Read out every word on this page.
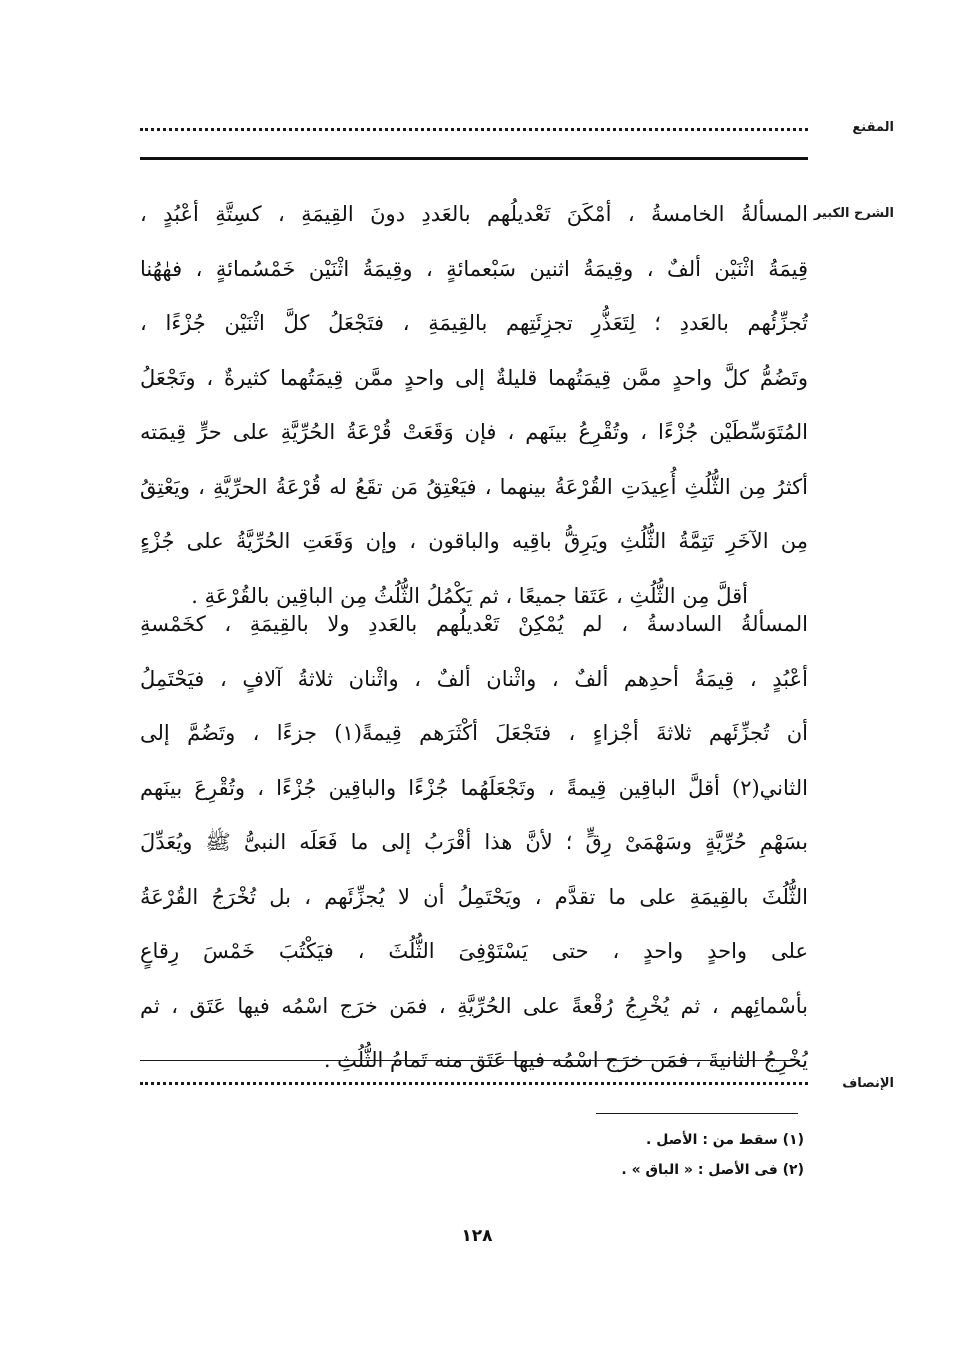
المقنع
الشرح الكبير
المسألةُ الخامسةُ ، أمْكَنَ تَعْديلُهم بالعَددِ دونَ القِيمَةِ ، كسِتَّةِ أعْبُدٍ ،
قِيمَةُ اثْنَيْن ألفٌ ، وقِيمَةُ اثنين سَبْعمائةٍ ، وقِيمَةُ اثْنَيْن خَمْسُمائةٍ ، فهٰهُنا
تُجزِّئُهم بالعَددِ ؛ لِتَعَذُّرِ تجزِئَتِهم بالقِيمَةِ ، فتَجْعَلُ كلَّ اثْنَيْن جُزْءًا ،
وتَضُمُّ كلَّ واحدٍ ممَّن قِيمَتُهما قليلةٌ إلى واحدٍ ممَّن قِيمَتُهما كثيرةٌ ، وتَجْعَلُ
المُتَوَسِّطَيْن جُزْءًا ، وتُقْرِعُ بينَهم ، فإن وَقَعَتْ قُرْعَةُ الحُرِّيَّةِ على حرٍّ قِيمَته
أكثرُ مِن الثُّلُثِ أُعِيدَتِ القُرْعَةُ بينهما ، فيَعْتِقُ مَن تقَعُ له قُرْعَةُ الحرِّيَّةِ ، ويَعْتِقُ
مِن الآخَرِ تَتِمَّةُ الثُّلُثِ ويَرِقُّ باقِيه والباقون ، وإن وَقَعَتِ الحُرِّيَّةُ على جُزْءٍ
أقلَّ مِن الثُّلُثِ ، عَتَقا جميعًا ، ثم يَكْمُلُ الثُّلُثُ مِن الباقِين بالقُرْعَةِ .
المسألةُ السادسةُ ، لم يُمْكِنْ تَعْديلُهم بالعَددِ ولا بالقِيمَةِ ، كخَمْسةِ
أعْبُدٍ ، قِيمَةُ أحدِهم ألفٌ ، واثْنان ألفٌ ، واثْنان ثلاثةُ آلافٍ ، فيَحْتَمِلُ
أن تُجزِّئَهم ثلاثةَ أجْزاءٍ ، فتَجْعَلَ أكْثَرَهم قِيمةً(١) جزءًا ، وتَضُمَّ إلى
الثاني(٢) أقلَّ الباقِين قِيمةً ، وتَجْعَلَهُما جُزْءًا والباقِين جُزْءًا ، وتُقْرِعَ بينَهم
بسَهْمِ حُرِّيَّةٍ وسَهْمَىْ رِقٍّ ؛ لأنَّ هذا أقْرَبُ إلى ما فَعَلَه النبىُّ ﷺ ويُعَدِّلَ
الثُّلُثَ بالقِيمَةِ على ما تقدَّم ، ويَحْتَمِلُ أن لا يُجزِّئَهم ، بل تُخْرَجُ القُرْعَةُ
على واحدٍ واحدٍ ، حتى يَسْتَوْفِىَ الثُّلُثَ ، فيَكْتُبَ خَمْسَ رِقاعٍ
بأسْمائِهم ، ثم يُخْرِجُ رُقْعةً على الحُرِّيَّةِ ، فمَن خرَج اسْمُه فيها عَتَق ، ثم
يُخْرِجُ الثانيةَ ، فمَن خرَج اسْمُه فيها عَتَق منه تَمامُ الثُّلُثِ .
الإنصاف
(١) سقط من : الأصل .
(٢) فى الأصل : « الباق » .
١٢٨
